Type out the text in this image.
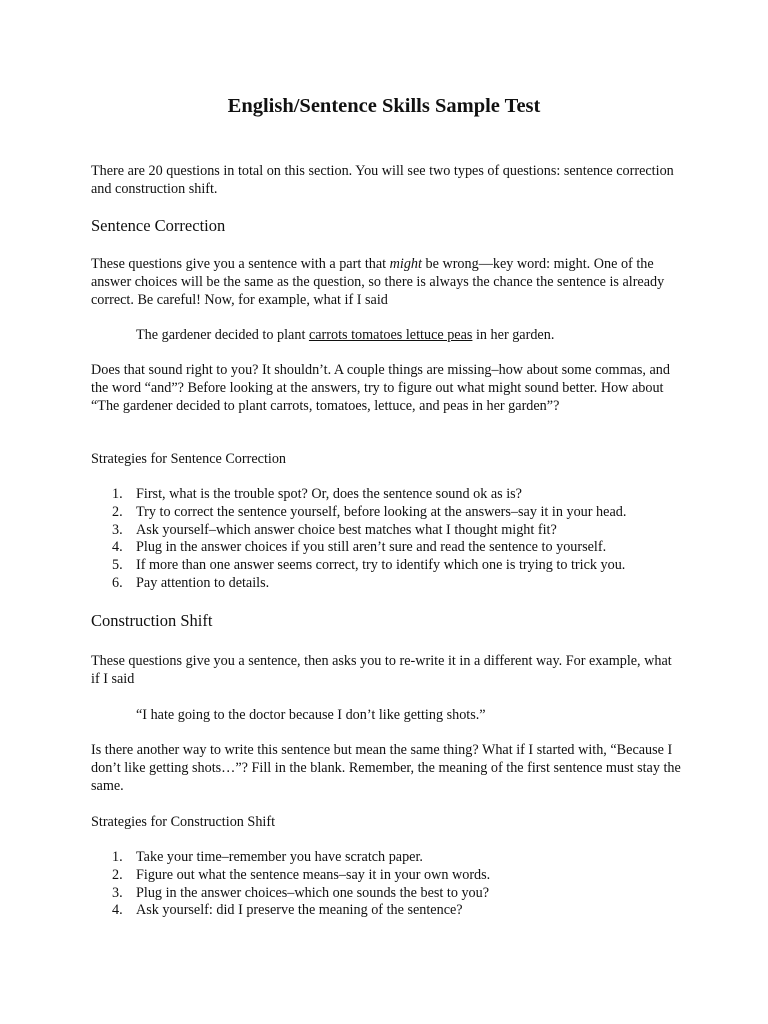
English/Sentence Skills Sample Test
There are 20 questions in total on this section. You will see two types of questions: sentence correction and construction shift.
Sentence Correction
These questions give you a sentence with a part that might be wrong—key word: might. One of the answer choices will be the same as the question, so there is always the chance the sentence is already correct. Be careful! Now, for example, what if I said
The gardener decided to plant carrots tomatoes lettuce peas in her garden.
Does that sound right to you? It shouldn’t. A couple things are missing–how about some commas, and the word “and”? Before looking at the answers, try to figure out what might sound better. How about “The gardener decided to plant carrots, tomatoes, lettuce, and peas in her garden”?
Strategies for Sentence Correction
1. First, what is the trouble spot? Or, does the sentence sound ok as is?
2. Try to correct the sentence yourself, before looking at the answers–say it in your head.
3. Ask yourself–which answer choice best matches what I thought might fit?
4. Plug in the answer choices if you still aren’t sure and read the sentence to yourself.
5. If more than one answer seems correct, try to identify which one is trying to trick you.
6. Pay attention to details.
Construction Shift
These questions give you a sentence, then asks you to re-write it in a different way. For example, what if I said
“I hate going to the doctor because I don’t like getting shots.”
Is there another way to write this sentence but mean the same thing? What if I started with, “Because I don’t like getting shots…”? Fill in the blank. Remember, the meaning of the first sentence must stay the same.
Strategies for Construction Shift
1. Take your time–remember you have scratch paper.
2. Figure out what the sentence means–say it in your own words.
3. Plug in the answer choices–which one sounds the best to you?
4. Ask yourself: did I preserve the meaning of the sentence?
